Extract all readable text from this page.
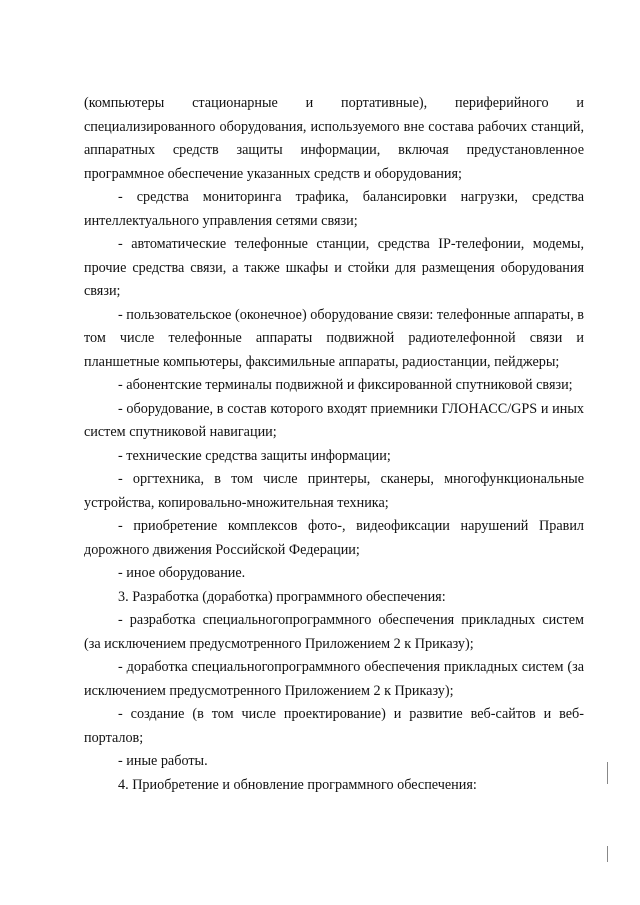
(компьютеры стационарные и портативные), периферийного и специализированного оборудования, используемого вне состава рабочих станций, аппаратных средств защиты информации, включая предустановленное программное обеспечение указанных средств и оборудования;

- средства мониторинга трафика, балансировки нагрузки, средства интеллектуального управления сетями связи;

- автоматические телефонные станции, средства IP-телефонии, модемы, прочие средства связи, а также шкафы и стойки для размещения оборудования связи;

- пользовательское (оконечное) оборудование связи: телефонные аппараты, в том числе телефонные аппараты подвижной радиотелефонной связи и планшетные компьютеры, факсимильные аппараты, радиостанции, пейджеры;

- абонентские терминалы подвижной и фиксированной спутниковой связи;

- оборудование, в состав которого входят приемники ГЛОНАСС/GPS и иных систем спутниковой навигации;

- технические средства защиты информации;

- оргтехника, в том числе принтеры, сканеры, многофункциональные устройства, копировально-множительная техника;

- приобретение комплексов фото-, видеофиксации нарушений Правил дорожного движения Российской Федерации;

- иное оборудование.

3. Разработка (доработка) программного обеспечения:

- разработка специальногопрограммного обеспечения прикладных систем (за исключением предусмотренного Приложением 2 к Приказу);

- доработка специальногопрограммного обеспечения прикладных систем (за исключением предусмотренного Приложением 2 к Приказу);

- создание (в том числе проектирование) и развитие веб-сайтов и веб-порталов;

- иные работы.

4. Приобретение и обновление программного обеспечения:
